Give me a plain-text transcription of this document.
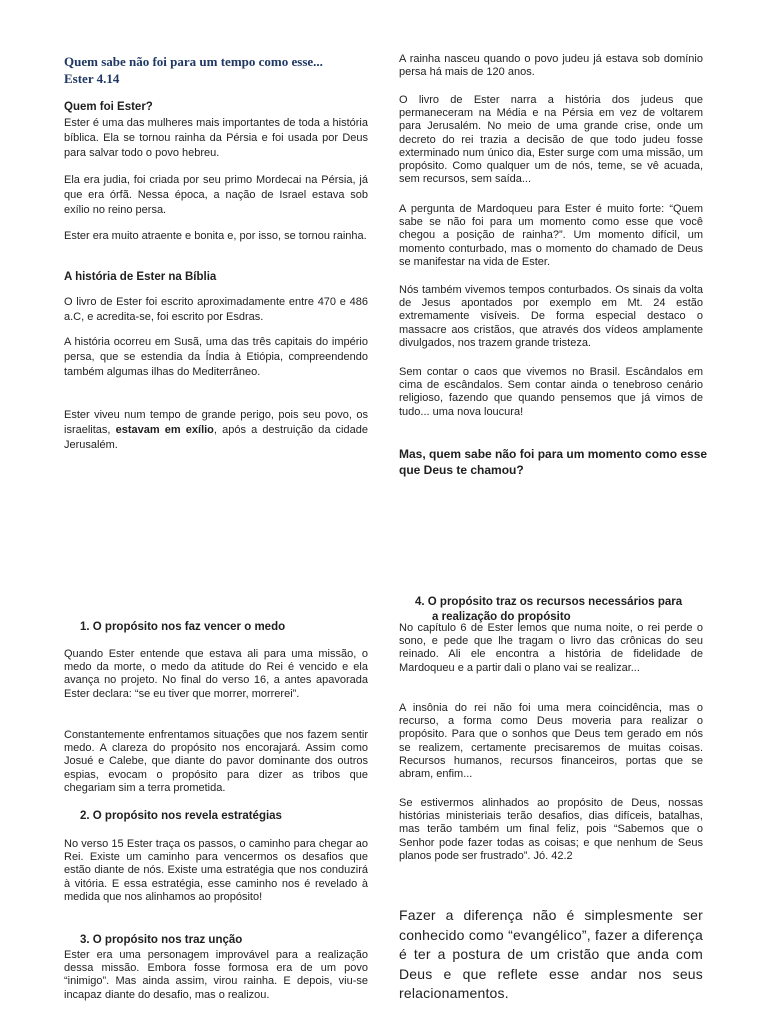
Quem sabe não foi para um tempo como esse...
Ester 4.14
Quem foi Ester?

Ester é uma das mulheres mais importantes de toda a história bíblica. Ela se tornou rainha da Pérsia e foi usada por Deus para salvar todo o povo hebreu.

Ela era judia, foi criada por seu primo Mordecai na Pérsia, já que era órfã. Nessa época, a nação de Israel estava sob exílio no reino persa.

Ester era muito atraente e bonita e, por isso, se tornou rainha.

A história de Ester na Bíblia

O livro de Ester foi escrito aproximadamente entre 470 e 486 a.C, e acredita-se, foi escrito por Esdras.

A história ocorreu em Susã, uma das três capitais do império persa, que se estendia da Índia à Etiópia, compreendendo também algumas ilhas do Mediterrâneo.

Ester viveu num tempo de grande perigo, pois seu povo, os israelitas, estavam em exílio, após a destruição da cidade Jerusalém.

A rainha nasceu quando o povo judeu já estava sob domínio persa há mais de 120 anos.

O livro de Ester narra a história dos judeus que permaneceram na Média e na Pérsia em vez de voltarem para Jerusalém. No meio de uma grande crise, onde um decreto do rei trazia a decisão de que todo judeu fosse exterminado num único dia, Ester surge com uma missão, um propósito. Como qualquer um de nós, teme, se vê acuada, sem recursos, sem saída...

A pergunta de Mardoqueu para Ester é muito forte: “Quem sabe se não foi para um momento como esse que você chegou a posição de rainha?”. Um momento difícil, um momento conturbado, mas o momento do chamado de Deus se manifestar na vida de Ester.

Nós também vivemos tempos conturbados. Os sinais da volta de Jesus apontados por exemplo em Mt. 24 estão extremamente visíveis. De forma especial destaco o massacre aos cristãos, que através dos vídeos amplamente divulgados, nos trazem grande tristeza.

Sem contar o caos que vivemos no Brasil. Escândalos em cima de escândalos. Sem contar ainda o tenebroso cenário religioso, fazendo que quando pensemos que já vimos de tudo... uma nova loucura!

Mas, quem sabe não foi para um momento como esse que Deus te chamou?

1. O propósito nos faz vencer o medo

Quando Ester entende que estava ali para uma missão, o medo da morte, o medo da atitude do Rei é vencido e ela avança no projeto. No final do verso 16, a antes apavorada Ester declara: “se eu tiver que morrer, morrerei”.

Constantemente enfrentamos situações que nos fazem sentir medo. A clareza do propósito nos encorajará. Assim como Josué e Calebe, que diante do pavor dominante dos outros espias, evocam o propósito para dizer as tribos que chegariam sim a terra prometida.

2. O propósito nos revela estratégias

No verso 15 Ester traça os passos, o caminho para chegar ao Rei. Existe um caminho para vencermos os desafios que estão diante de nós. Existe uma estratégia que nos conduzirá à vitória. E essa estratégia, esse caminho nos é revelado à medida que nos alinhamos ao propósito!

3. O propósito nos traz unção

Ester era uma personagem improvável para a realização dessa missão. Embora fosse formosa era de um povo “inimigo”. Mas ainda assim, virou rainha. E depois, viu-se incapaz diante do desafio, mas o realizou.

4. O propósito traz os recursos necessários para
a realização do propósito

No capítulo 6 de Ester lemos que numa noite, o rei perde o sono, e pede que lhe tragam o livro das crônicas do seu reinado. Ali ele encontra a história de fidelidade de Mardoqueu e a partir dali o plano vai se realizar...

A insônia do rei não foi uma mera coincidência, mas o recurso, a forma como Deus moveria para realizar o propósito. Para que o sonhos que Deus tem gerado em nós se realizem, certamente precisaremos de muitas coisas. Recursos humanos, recursos financeiros, portas que se abram, enfim...

Se estivermos alinhados ao propósito de Deus, nossas histórias ministeriais terão desafios, dias difíceis, batalhas, mas terão também um final feliz, pois “Sabemos que o Senhor pode fazer todas as coisas; e que nenhum de Seus planos pode ser frustrado”. Jó. 42.2

Fazer a diferença não é simplesmente ser conhecido como “evangélico”, fazer a diferença é ter a postura de um cristão que anda com Deus e que reflete esse andar nos seus relacionamentos.
